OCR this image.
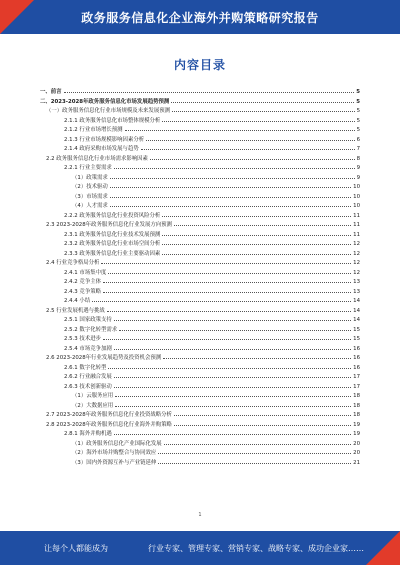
政务服务信息化企业海外并购策略研究报告
内容目录
一、前言	5
二、2023-2028年政务服务信息化市场发展趋势预测	5
（一）政务服务信息化行业市场规模及未来发展预测	5
2.1.1 政务服务信息化市场整体规模分析	5
2.1.2 行业市场增长预测	5
2.1.3 行业市场规模影响因素分析	6
2.1.4 政府采购市场发展与趋势	7
2.2 政务服务信息化行业市场需求影响因素	8
2.2.1 行业主要需求	9
（1）政策需求	9
（2）技术驱动	10
（3）市场需求	10
（4）人才需求	10
2.2.2 政务服务信息化行业投资风险分析	11
2.3 2023-2028年政务服务信息化行业发展方向预测	11
2.3.1 政务服务信息化行业技术发展预测	11
2.3.2 政务服务信息化行业市场空间分析	12
2.3.3 政务服务信息化行业主要驱动因素	12
2.4 行业竞争格局分析	12
2.4.1 市场集中度	12
2.4.2 竞争主体	13
2.4.3 竞争策略	13
2.4.4 小结	14
2.5 行业发展机遇与挑战	14
2.5.1 国家政策支持	14
2.5.2 数字化转型需求	15
2.5.3 技术进步	15
2.5.4 市场竞争加剧	16
2.6 2023-2028年行业发展趋势及投资机会预测	16
2.6.1 数字化转型	16
2.6.2 行业融合发展	17
2.6.3 技术创新驱动	17
（1）云服务应用	18
（2）大数据应用	18
2.7 2023-2028年政务服务信息化行业投资战略分析	18
2.8 2023-2028年政务服务信息化行业海外并购策略	19
2.8.1 海外并购机遇	19
（1）政务服务信息化产业国际化发展	20
（2）海外市场并购整合与协同效应	20
（3）国内外资源互补与产业链延伸	21
1
让每个人都能成为	行业专家、管理专家、营销专家、战略专家、成功企业家……
